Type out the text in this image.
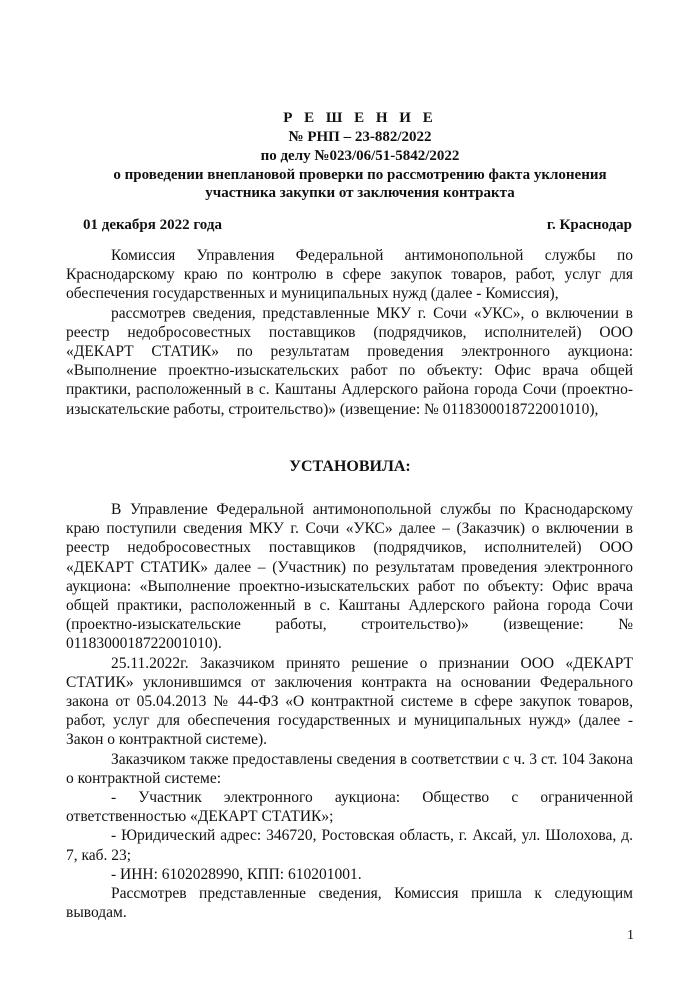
Р Е Ш Е Н И Е
№ РНП – 23-882/2022
по делу №023/06/51-5842/2022
о проведении внеплановой проверки по рассмотрению факта уклонения
участника закупки от заключения контракта
01 декабря 2022 года	г. Краснодар

Комиссия Управления Федеральной антимонопольной службы по Краснодарскому краю по контролю в сфере закупок товаров, работ, услуг для обеспечения государственных и муниципальных нужд (далее - Комиссия),

рассмотрев сведения, представленные МКУ г. Сочи «УКС», о включении в реестр недобросовестных поставщиков (подрядчиков, исполнителей) ООО «ДЕКАРТ СТАТИК» по результатам проведения электронного аукциона: «Выполнение проектно-изыскательских работ по объекту: Офис врача общей практики, расположенный в с. Каштаны Адлерского района города Сочи (проектно-изыскательские работы, строительство)» (извещение: № 0118300018722001010),

УСТАНОВИЛА:

В Управление Федеральной антимонопольной службы по Краснодарскому краю поступили сведения МКУ г. Сочи «УКС» далее – (Заказчик) о включении в реестр недобросовестных поставщиков (подрядчиков, исполнителей) ООО «ДЕКАРТ СТАТИК» далее – (Участник) по результатам проведения электронного аукциона: «Выполнение проектно-изыскательских работ по объекту: Офис врача общей практики, расположенный в с. Каштаны Адлерского района города Сочи (проектно-изыскательские работы, строительство)» (извещение: № 0118300018722001010).

25.11.2022г. Заказчиком принято решение о признании ООО «ДЕКАРТ СТАТИК» уклонившимся от заключения контракта на основании Федерального закона от 05.04.2013 № 44-ФЗ «О контрактной системе в сфере закупок товаров, работ, услуг для обеспечения государственных и муниципальных нужд» (далее - Закон о контрактной системе).

Заказчиком также предоставлены сведения в соответствии с ч. 3 ст. 104 Закона о контрактной системе:

- Участник электронного аукциона: Общество с ограниченной ответственностью «ДЕКАРТ СТАТИК»;

- Юридический адрес: 346720, Ростовская область, г. Аксай, ул. Шолохова, д. 7, каб. 23;

- ИНН: 6102028990, КПП: 610201001.

Рассмотрев представленные сведения, Комиссия пришла к следующим выводам.

1
